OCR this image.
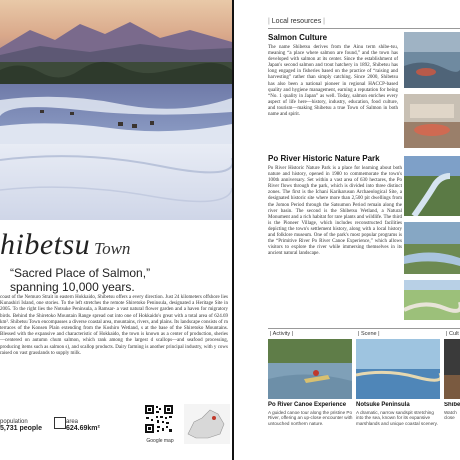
hibetsu Town
“Sacred Place of Salmon,”
spanning 10,000 years.
coast of the Nemuro Strait in eastern Hokkaido, Shibetsu offers a every direction. Just 24 kilometers offshore lies Kunashiri Island, one stories. To the left stretches the remote Shiretoko Peninsula, designated a Heritage Site in 2005. To the right lies the Notsuke Peninsula, a Ramsar- a vast natural flower garden and a haven for migratory birds. Behind the Shiretoko Mountain Range spread out into one of Hokkaido's great with a total area of 624.69 km². Shibetsu Town encompasses a diverse coastal area, mountains, rivers, and plains. Its landscape consists of rn terraces of the Konsen Plain extending from the Koshiro Wetland, s at the base of the Shiretoko Mountains. Blessed with the expansive and characteristic of Hokkaido, the town is known as a center of production, sheries—centered on autumn chum salmon, which rank among the largest d scallops—and seafood processing, producing items such as salmon s), and scallop products. Dairy farming is another principal industry, with y cows raised on vast grasslands to supply milk.
population
5,731 people
area
624.69km²
Google map
| Local resources |
Salmon Culture
The name Shibetsu derives from the Ainu term shibe-tsu, meaning “a place where salmon are found,” and the town has developed with salmon at its center. Since the establishment of Japan's second salmon and trout hatchery in 1892, Shibetsu has long engaged in fisheries based on the practice of “raising and harvesting” rather than simply catching. Since 2000, Shibetsu has also been a national pioneer in regional HACCP-based quality and hygiene management, earning a reputation for being “No. 1 quality in Japan” as well. Today, salmon enriches every aspect of life here—history, industry, education, food culture, and tourism—making Shibetsu a true Town of Salmon in both name and spirit.
Po River Historic Nature Park
Po River Historic Nature Park is a place for learning about both nature and history, opened in 1980 to commemorate the town's 100th anniversary. Set within a vast area of 630 hectares, the Po River flows through the park, which is divided into three distinct zones. The first is the Ichani Karikarusun Archaeological Site, a designated historic site where more than 2,500 pit dwellings from the Jomon Period through the Satsumon Period remain along the river basin. The second is the Shibetsu Wetland, a Natural Monument and a rich habitat for rare plants and wildlife. The third is the Pioneer Village, which includes reconstructed facilities depicting the town's settlement history, along with a local history and folklore museum. One of the park's most popular programs is the “Primitive River Po River Canoe Experience,” which allows visitors to explore the river while immersing themselves in its ancient natural landscape.
| Activity |
Po River Canoe Experience
A guided canoe tour along the pristine Po River, offering an up-close encounter with untouched northern nature.
| Scene |
Notsuke Peninsula
A dramatic, narrow sandspit stretching into the sea, known for its expansive marshlands and unique coastal scenery.
| Cult
Shibe
Watch close
